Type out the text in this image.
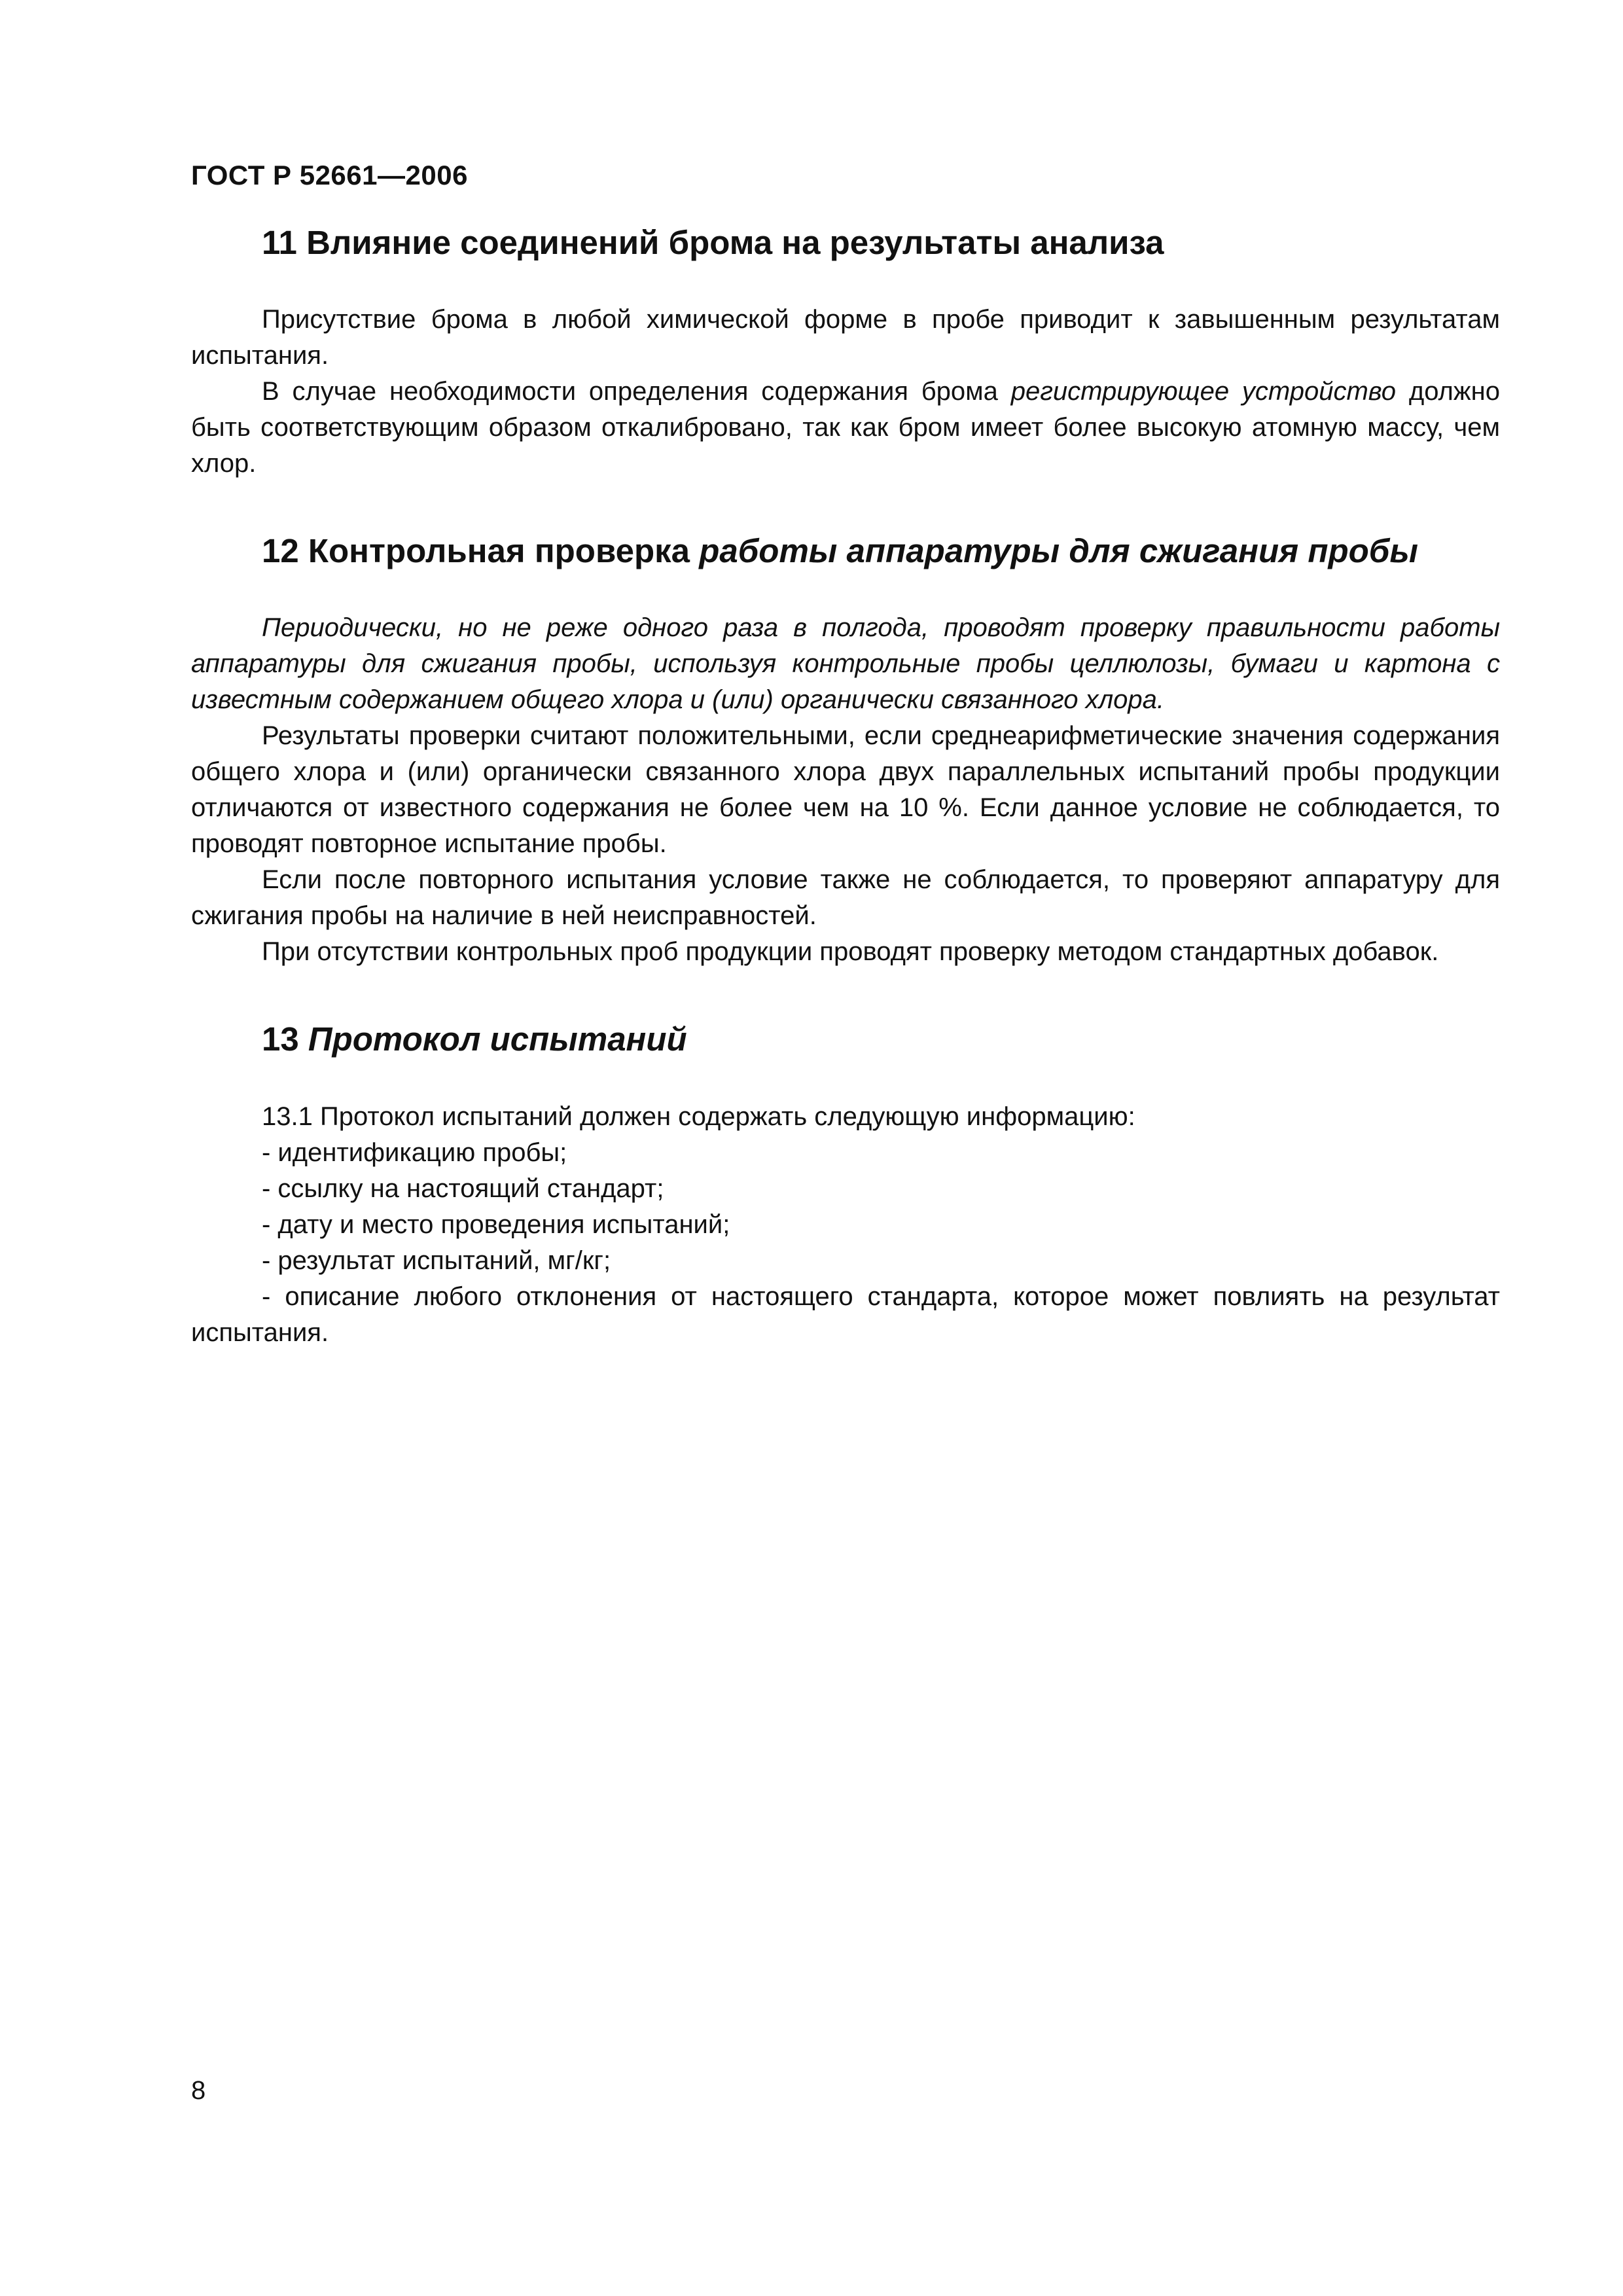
ГОСТ Р 52661—2006
11 Влияние соединений брома на результаты анализа

Присутствие брома в любой химической форме в пробе приводит к завышенным результатам испытания.

В случае необходимости определения содержания брома регистрирующее устройство должно быть соответствующим образом откалибровано, так как бром имеет более высокую атомную массу, чем хлор.

12 Контрольная проверка работы аппаратуры для сжигания пробы

Периодически, но не реже одного раза в полгода, проводят проверку правильности работы аппаратуры для сжигания пробы, используя контрольные пробы целлюлозы, бумаги и картона с известным содержанием общего хлора и (или) органически связанного хлора.

Результаты проверки считают положительными, если среднеарифметические значения содержания общего хлора и (или) органически связанного хлора двух параллельных испытаний пробы продукции отличаются от известного содержания не более чем на 10 %. Если данное условие не соблюдается, то проводят повторное испытание пробы.

Если после повторного испытания условие также не соблюдается, то проверяют аппаратуру для сжигания пробы на наличие в ней неисправностей.

При отсутствии контрольных проб продукции проводят проверку методом стандартных добавок.

13 Протокол испытаний

13.1 Протокол испытаний должен содержать следующую информацию:

- идентификацию пробы;

- ссылку на настоящий стандарт;

- дату и место проведения испытаний;

- результат испытаний, мг/кг;

- описание любого отклонения от настоящего стандарта, которое может повлиять на результат испытания.

8
